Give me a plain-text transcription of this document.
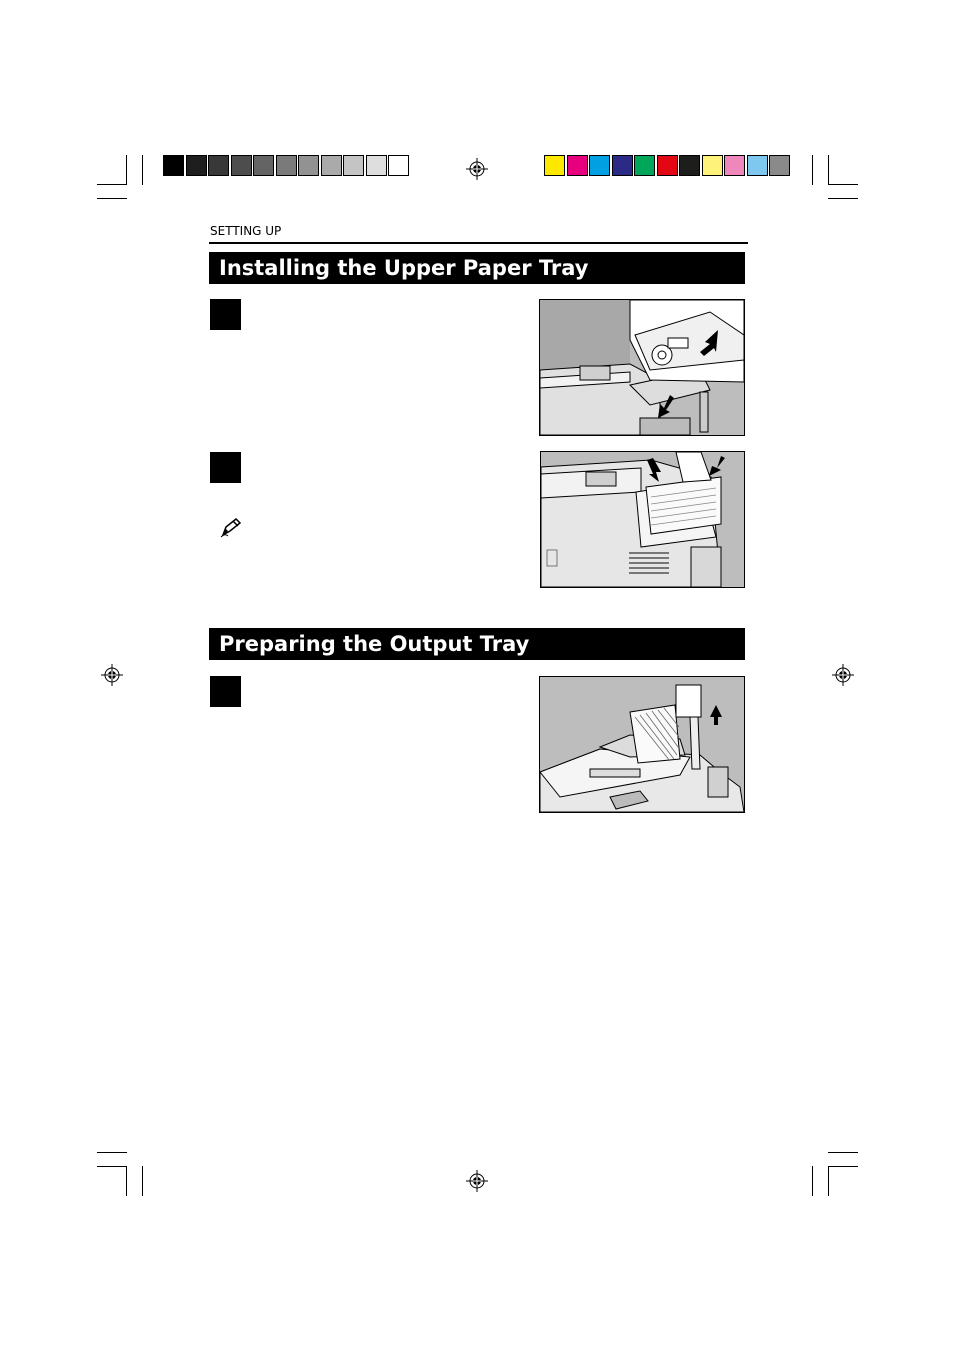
SETTING UP
Installing the Upper Paper Tray
Preparing the Output Tray
